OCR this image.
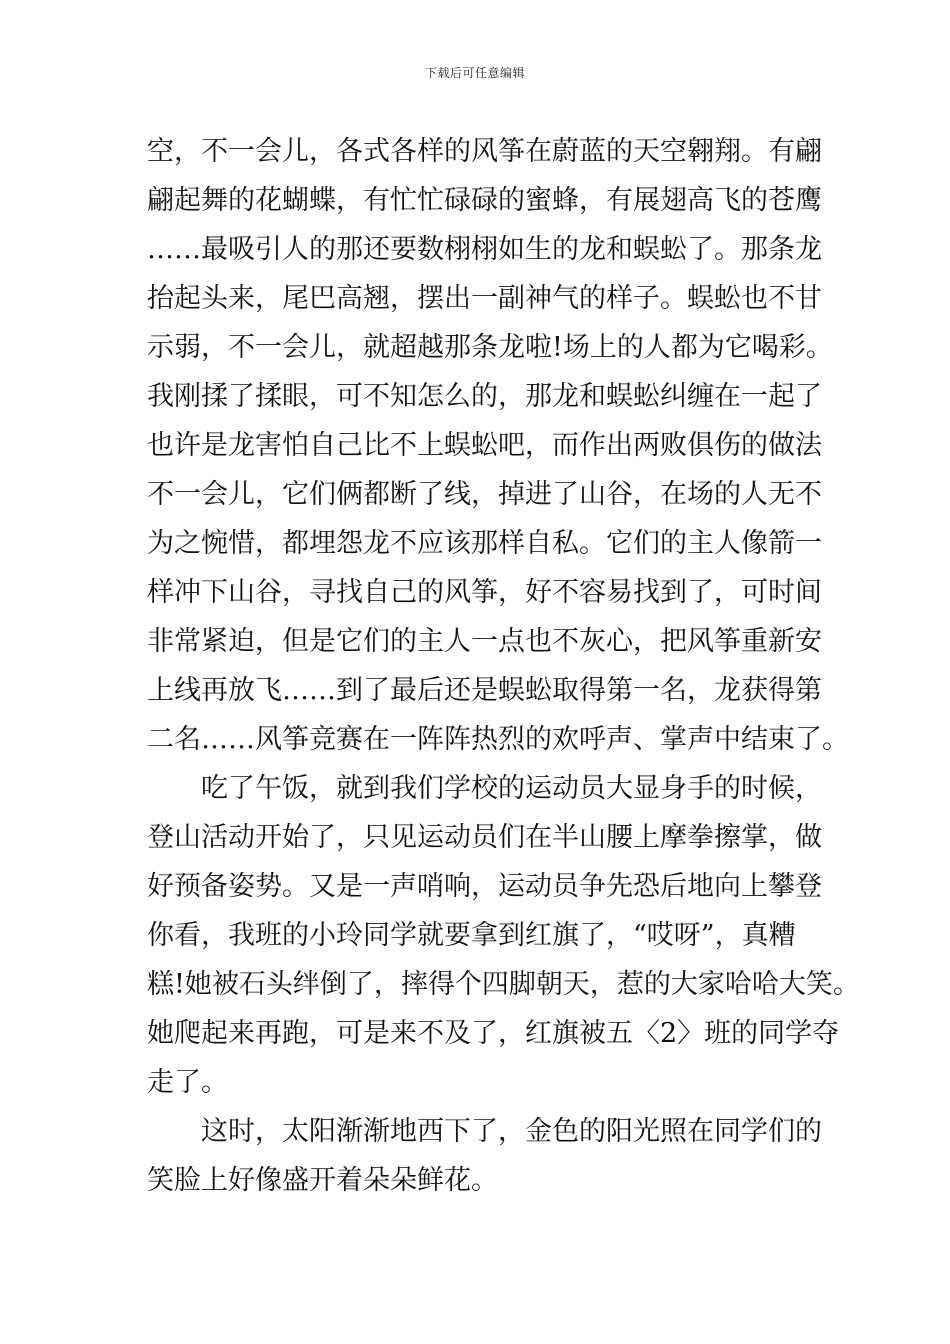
下载后可任意编辑
空，不一会儿，各式各样的风筝在蔚蓝的天空翱翔。有翩
翩起舞的花蝴蝶，有忙忙碌碌的蜜蜂，有展翅高飞的苍鹰
……最吸引人的那还要数栩栩如生的龙和蜈蚣了。那条龙
抬起头来，尾巴高翘，摆出一副神气的样子。蜈蚣也不甘
示弱，不一会儿，就超越那条龙啦!场上的人都为它喝彩。
我刚揉了揉眼，可不知怎么的，那龙和蜈蚣纠缠在一起了
也许是龙害怕自己比不上蜈蚣吧，而作出两败俱伤的做法
不一会儿，它们俩都断了线，掉进了山谷，在场的人无不
为之惋惜，都埋怨龙不应该那样自私。它们的主人像箭一
样冲下山谷，寻找自己的风筝，好不容易找到了，可时间
非常紧迫，但是它们的主人一点也不灰心，把风筝重新安
上线再放飞……到了最后还是蜈蚣取得第一名，龙获得第
二名……风筝竞赛在一阵阵热烈的欢呼声、掌声中结束了。
吃了午饭，就到我们学校的运动员大显身手的时候，
登山活动开始了，只见运动员们在半山腰上摩拳擦掌，做
好预备姿势。又是一声哨响，运动员争先恐后地向上攀登
你看，我班的小玲同学就要拿到红旗了，“哎呀”，真糟
糕!她被石头绊倒了，摔得个四脚朝天，惹的大家哈哈大笑。
她爬起来再跑，可是来不及了，红旗被五〈2〉班的同学夺
走了。
这时，太阳渐渐地西下了，金色的阳光照在同学们的
笑脸上好像盛开着朵朵鲜花。
